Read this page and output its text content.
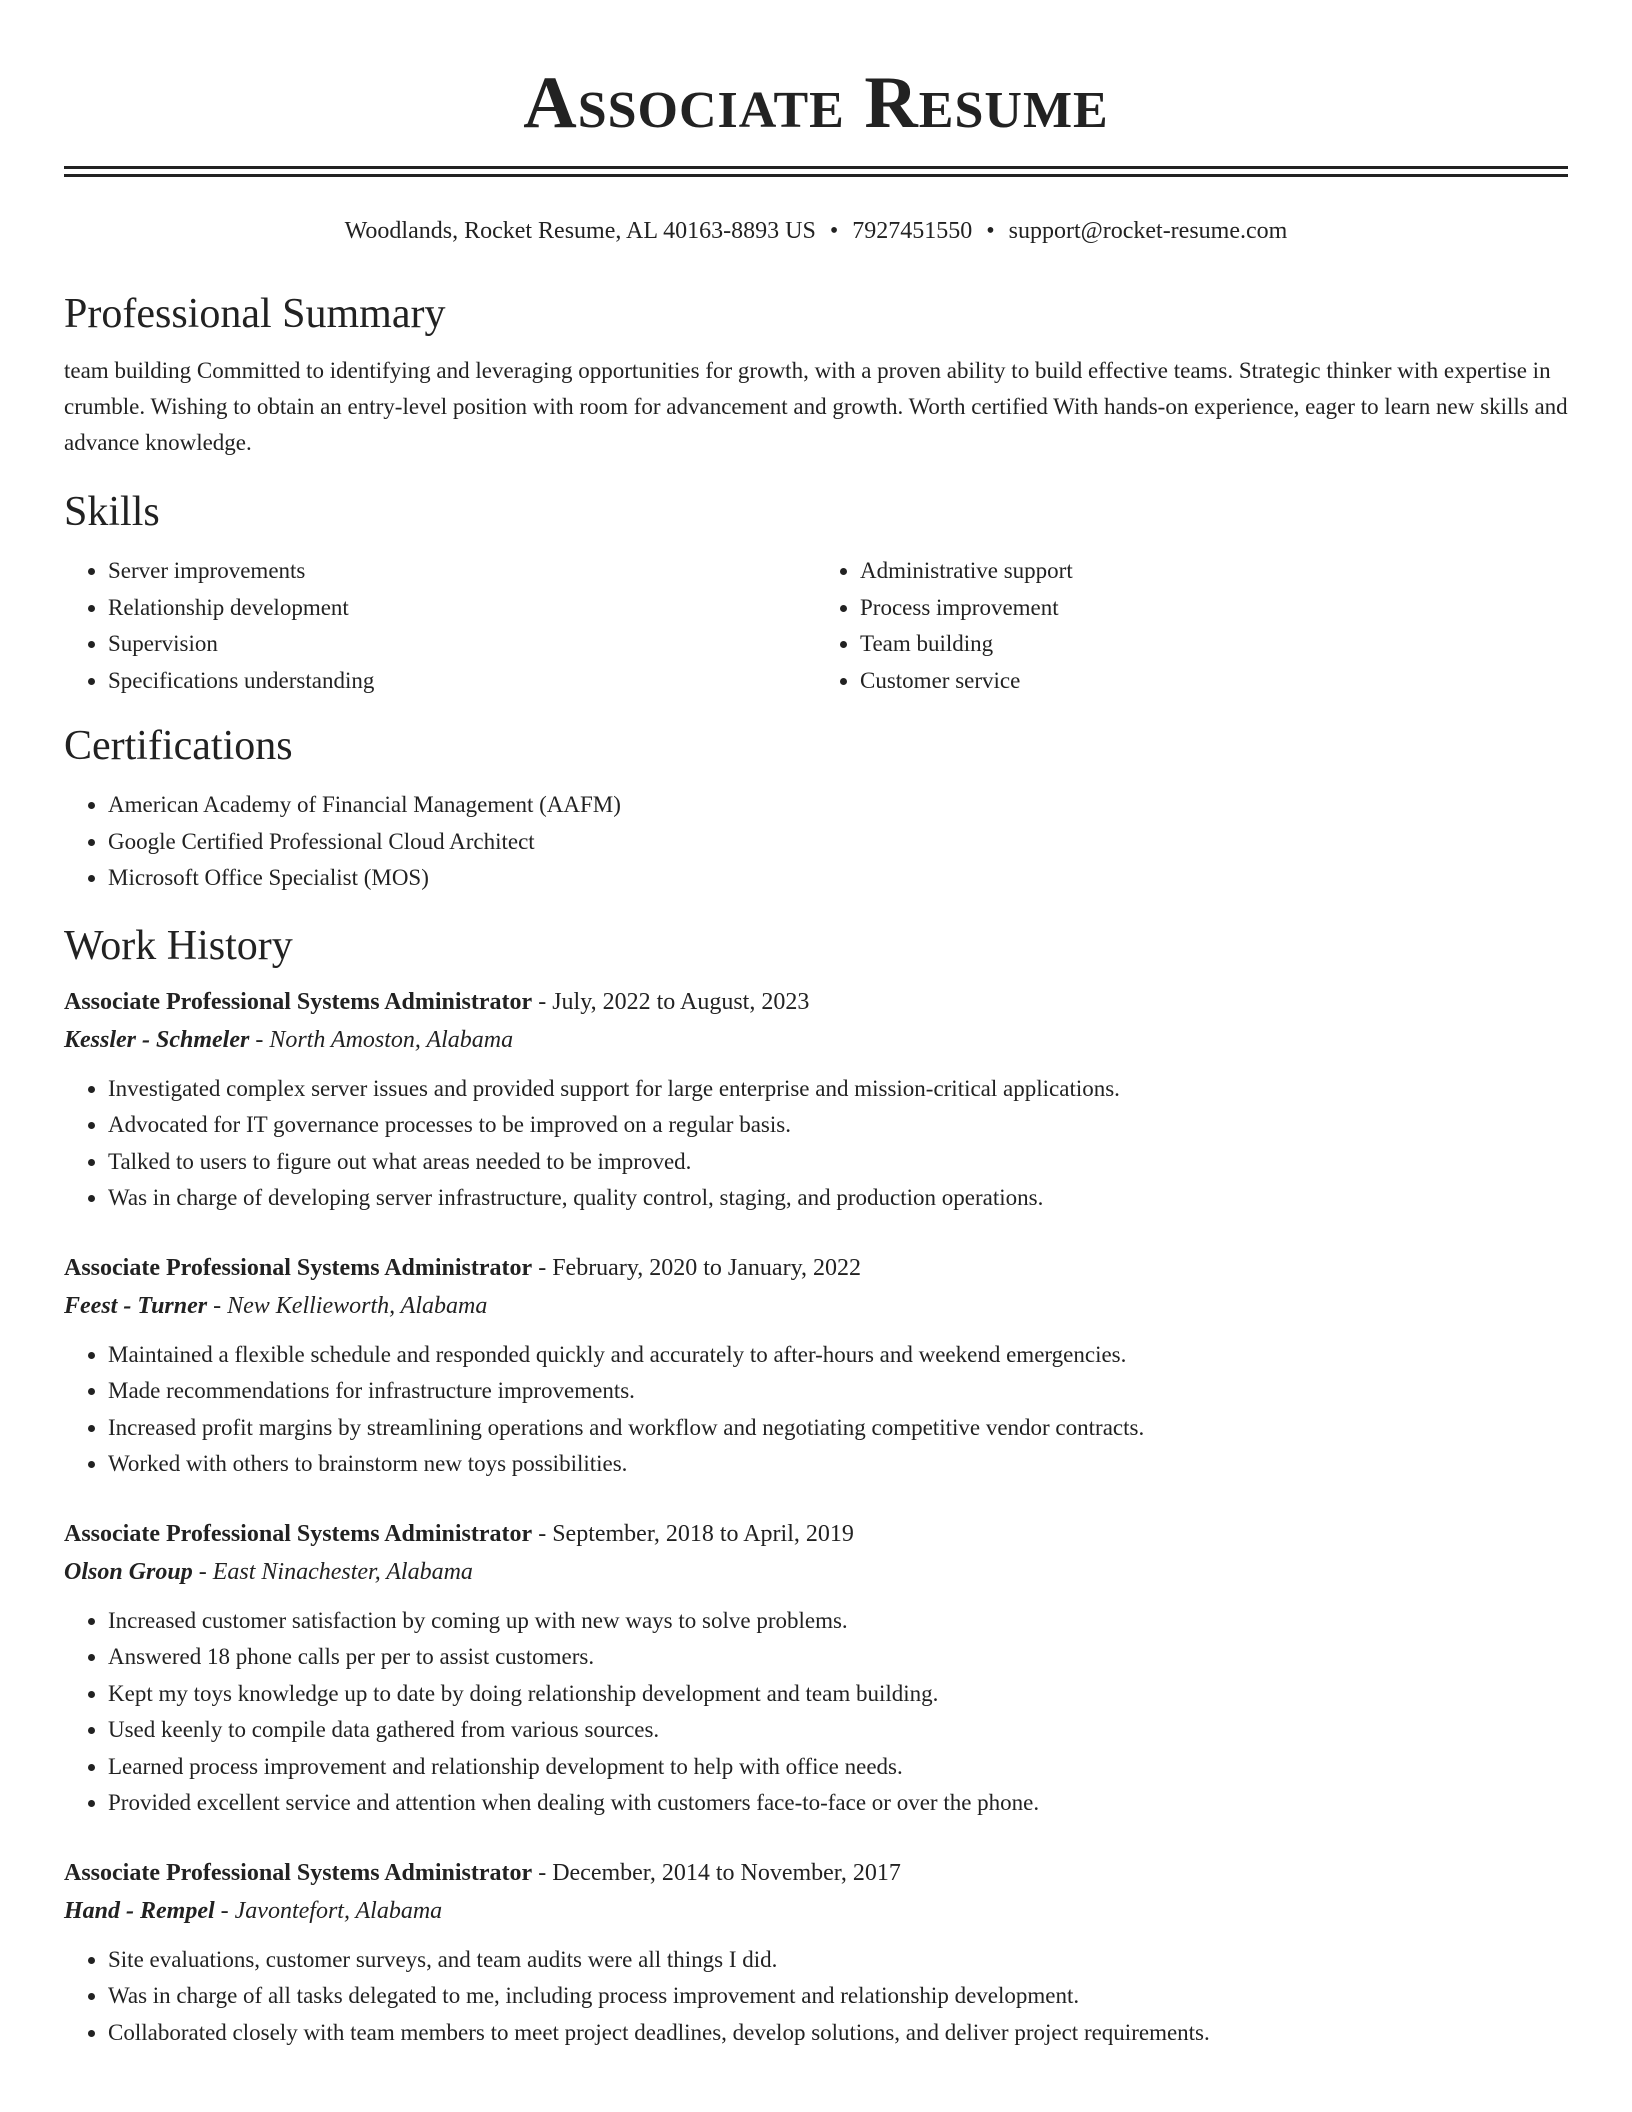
Associate Resume
Woodlands, Rocket Resume, AL 40163-8893 US • 7927451550 • support@rocket-resume.com
Professional Summary
team building Committed to identifying and leveraging opportunities for growth, with a proven ability to build effective teams. Strategic thinker with expertise in crumble. Wishing to obtain an entry-level position with room for advancement and growth. Worth certified With hands-on experience, eager to learn new skills and advance knowledge.
Skills
• Server improvements
• Relationship development
• Supervision
• Specifications understanding
• Administrative support
• Process improvement
• Team building
• Customer service
Certifications
• American Academy of Financial Management (AAFM)
• Google Certified Professional Cloud Architect
• Microsoft Office Specialist (MOS)
Work History
Associate Professional Systems Administrator - July, 2022 to August, 2023
Kessler - Schmeler - North Amoston, Alabama
• Investigated complex server issues and provided support for large enterprise and mission-critical applications.
• Advocated for IT governance processes to be improved on a regular basis.
• Talked to users to figure out what areas needed to be improved.
• Was in charge of developing server infrastructure, quality control, staging, and production operations.
Associate Professional Systems Administrator - February, 2020 to January, 2022
Feest - Turner - New Kellieworth, Alabama
• Maintained a flexible schedule and responded quickly and accurately to after-hours and weekend emergencies.
• Made recommendations for infrastructure improvements.
• Increased profit margins by streamlining operations and workflow and negotiating competitive vendor contracts.
• Worked with others to brainstorm new toys possibilities.
Associate Professional Systems Administrator - September, 2018 to April, 2019
Olson Group - East Ninachester, Alabama
• Increased customer satisfaction by coming up with new ways to solve problems.
• Answered 18 phone calls per per to assist customers.
• Kept my toys knowledge up to date by doing relationship development and team building.
• Used keenly to compile data gathered from various sources.
• Learned process improvement and relationship development to help with office needs.
• Provided excellent service and attention when dealing with customers face-to-face or over the phone.
Associate Professional Systems Administrator - December, 2014 to November, 2017
Hand - Rempel - Javontefort, Alabama
• Site evaluations, customer surveys, and team audits were all things I did.
• Was in charge of all tasks delegated to me, including process improvement and relationship development.
• Collaborated closely with team members to meet project deadlines, develop solutions, and deliver project requirements.
